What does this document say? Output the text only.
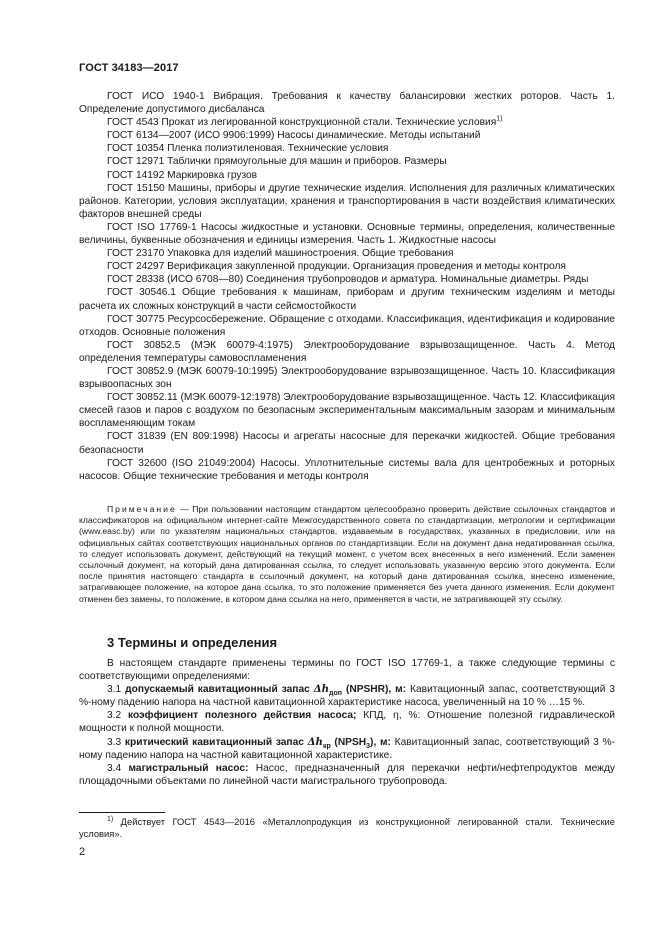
ГОСТ 34183—2017

ГОСТ ИСО 1940-1 Вибрация. Требования к качеству балансировки жестких роторов. Часть 1. Определение допустимого дисбаланса

ГОСТ 4543 Прокат из легированной конструкционной стали. Технические условия$^{1)}$

ГОСТ 6134—2007 (ИСО 9906:1999) Насосы динамические. Методы испытаний

ГОСТ 10354 Пленка полиэтиленовая. Технические условия

ГОСТ 12971 Таблички прямоугольные для машин и приборов. Размеры

ГОСТ 14192 Маркировка грузов

ГОСТ 15150 Машины, приборы и другие технические изделия. Исполнения для различных климатических районов. Категории, условия эксплуатации, хранения и транспортирования в части воздействия климатических факторов внешней среды

ГОСТ ISO 17769-1 Насосы жидкостные и установки. Основные термины, определения, количественные величины, буквенные обозначения и единицы измерения. Часть 1. Жидкостные насосы

ГОСТ 23170 Упаковка для изделий машиностроения. Общие требования

ГОСТ 24297 Верификация закупленной продукции. Организация проведения и методы контроля

ГОСТ 28338 (ИСО 6708—80) Соединения трубопроводов и арматура. Номинальные диаметры. Ряды

ГОСТ 30546.1 Общие требования к машинам, приборам и другим техническим изделиям и методы расчета их сложных конструкций в части сейсмостойкости

ГОСТ 30775 Ресурсосбережение. Обращение с отходами. Классификация, идентификация и кодирование отходов. Основные положения

ГОСТ 30852.5 (МЭК 60079-4:1975) Электрооборудование взрывозащищенное. Часть 4. Метод определения температуры самовоспламенения

ГОСТ 30852.9 (МЭК 60079-10:1995) Электрооборудование взрывозащищенное. Часть 10. Классификация взрывоопасных зон

ГОСТ 30852.11 (МЭК 60079-12:1978) Электрооборудование взрывозащищенное. Часть 12. Классификация смесей газов и паров с воздухом по безопасным экспериментальным максимальным зазорам и минимальным воспламеняющим токам

ГОСТ 31839 (EN 809:1998) Насосы и агрегаты насосные для перекачки жидкостей. Общие требования безопасности

ГОСТ 32600 (ISO 21049:2004) Насосы. Уплотнительные системы вала для центробежных и роторных насосов. Общие технические требования и методы контроля

Примечание — При пользовании настоящим стандартом целесообразно проверить действие ссылочных стандартов и классификаторов на официальном интернет-сайте Межгосударственного совета по стандартизации, метрологии и сертификации (www.easc.by) или по указателям национальных стандартов, издаваемым в государствах, указанных в предисловии, или на официальных сайтах соответствующих национальных органов по стандартизации. Если на документ дана недатированная ссылка, то следует использовать документ, действующий на текущий момент, с учетом всех внесенных в него изменений. Если заменен ссылочный документ, на который дана датированная ссылка, то следует использовать указанную версию этого документа. Если после принятия настоящего стандарта в ссылочный документ, на который дана датированная ссылка, внесено изменение, затрагивающее положение, на которое дана ссылка, то это положение применяется без учета данного изменения. Если документ отменен без замены, то положение, в котором дана ссылка на него, применяется в части, не затрагивающей эту ссылку.

3 Термины и определения

В настоящем стандарте применены термины по ГОСТ ISO 17769-1, а также следующие термины с соответствующими определениями:

3.1 допускаемый кавитационный запас $\Delta h_{доп}$ (NPSHR), м: Кавитационный запас, соответствующий 3 %-ному падению напора на частной кавитационной характеристике насоса, увеличенный на 10 % …15 %.

3.2 коэффициент полезного действия насоса; КПД, η, %: Отношение полезной гидравлической мощности к полной мощности.

3.3 критический кавитационный запас $\Delta h_{кр}$ $(NPSH_3)$, м: Кавитационный запас, соответствующий 3 %-ному падению напора на частной кавитационной характеристике.

3.4 магистральный насос: Насос, предназначенный для перекачки нефти/нефтепродуктов между площадочными объектами по линейной части магистрального трубопровода.

$^{1)}$ Действует ГОСТ 4543—2016 «Металлопродукция из конструкционной легированной стали. Технические условия».

2
